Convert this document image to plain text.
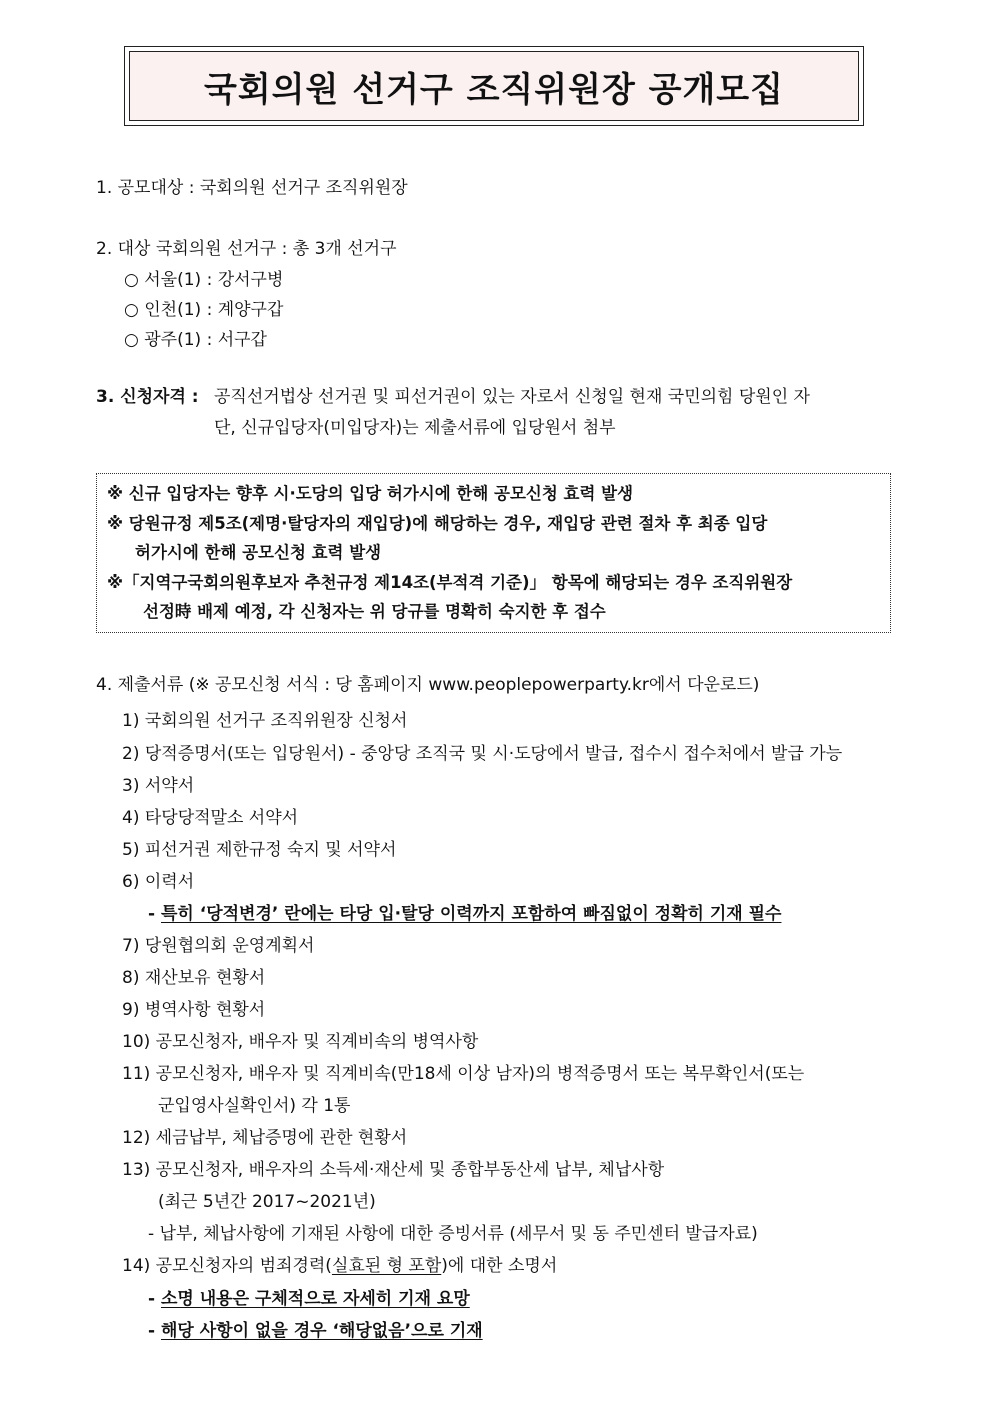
국회의원 선거구 조직위원장 공개모집
1. 공모대상 : 국회의원 선거구 조직위원장
2. 대상 국회의원 선거구 : 총 3개 선거구
○ 서울(1) : 강서구병
○ 인천(1) : 계양구갑
○ 광주(1) : 서구갑
3. 신청자격 : 공직선거법상 선거권 및 피선거권이 있는 자로서 신청일 현재 국민의힘 당원인 자
단, 신규입당자(미입당자)는 제출서류에 입당원서 첨부
※ 신규 입당자는 향후 시·도당의 입당 허가시에 한해 공모신청 효력 발생
※ 당원규정 제5조(제명·탈당자의 재입당)에 해당하는 경우, 재입당 관련 절차 후 최종 입당
허가시에 한해 공모신청 효력 발생
※「지역구국회의원후보자 추천규정 제14조(부적격 기준)」 항목에 해당되는 경우 조직위원장
선정時 배제 예정, 각 신청자는 위 당규를 명확히 숙지한 후 접수
4. 제출서류 (※ 공모신청 서식 : 당 홈페이지 www.peoplepowerparty.kr에서 다운로드)
1) 국회의원 선거구 조직위원장 신청서
2) 당적증명서(또는 입당원서) - 중앙당 조직국 및 시·도당에서 발급, 접수시 접수처에서 발급 가능
3) 서약서
4) 타당당적말소 서약서
5) 피선거권 제한규정 숙지 및 서약서
6) 이력서
- 특히 ‘당적변경’ 란에는 타당 입·탈당 이력까지 포함하여 빠짐없이 정확히 기재 필수
7) 당원협의회 운영계획서
8) 재산보유 현황서
9) 병역사항 현황서
10) 공모신청자, 배우자 및 직계비속의 병역사항
11) 공모신청자, 배우자 및 직계비속(만18세 이상 남자)의 병적증명서 또는 복무확인서(또는
군입영사실확인서) 각 1통
12) 세금납부, 체납증명에 관한 현황서
13) 공모신청자, 배우자의 소득세·재산세 및 종합부동산세 납부, 체납사항
(최근 5년간 2017~2021년)
- 납부, 체납사항에 기재된 사항에 대한 증빙서류 (세무서 및 동 주민센터 발급자료)
14) 공모신청자의 범죄경력(실효된 형 포함)에 대한 소명서
- 소명 내용은 구체적으로 자세히 기재 요망
- 해당 사항이 없을 경우 ‘해당없음’으로 기재
